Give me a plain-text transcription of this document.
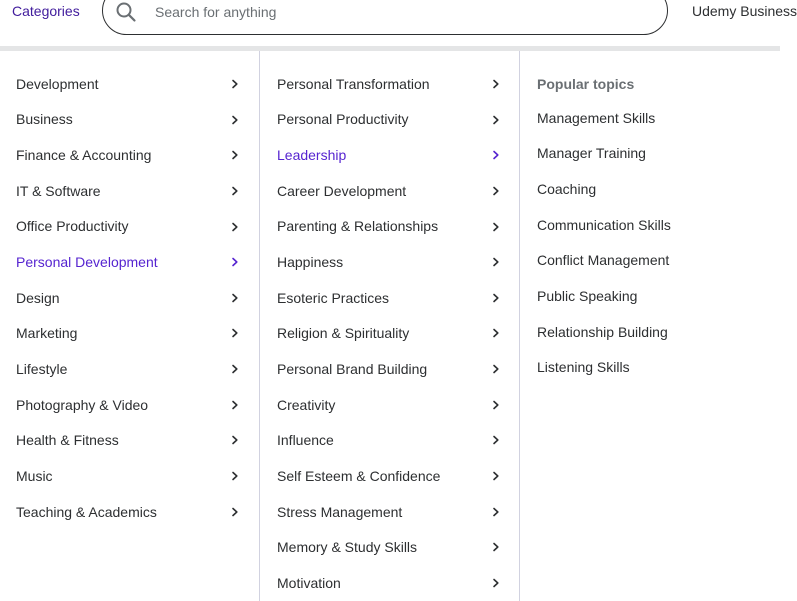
Categories
Search for anything	Udemy Business
Development
Business
Finance & Accounting
IT & Software
Office Productivity
Personal Development
Design
Marketing
Lifestyle
Photography & Video
Health & Fitness
Music
Teaching & Academics
Personal Transformation
Personal Productivity
Leadership
Career Development
Parenting & Relationships
Happiness
Esoteric Practices
Religion & Spirituality
Personal Brand Building
Creativity
Influence
Self Esteem & Confidence
Stress Management
Memory & Study Skills
Motivation
Popular topics
Management Skills
Manager Training
Coaching
Communication Skills
Conflict Management
Public Speaking
Relationship Building
Listening Skills
